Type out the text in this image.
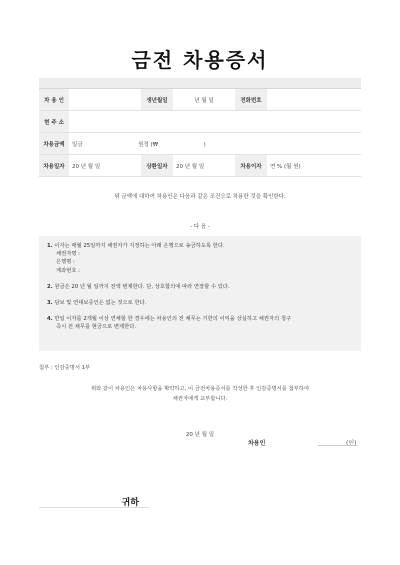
금전 차용증서

차 용 인		생년월일	년 월 일	전화번호	
현 주 소					
차용금액	일금 원정 (₩ )				
차용일자	20 년 월 일	상환일자	20 년 월 일	차용이자	연 % (월 원)
위 금액에 대하여 차용인은 다음과 같은 조건으로 차용한 것을 확인한다.
- 다 음 -
1. 이자는 매월 25일까지 채권자가 지정하는 아래 은행으로 송금하도록 한다.
채권자명 :
은행명 :
계좌번호 :
2. 원금은 20 년 월 일까지 전액 변제한다. 단, 상호합의에 따라 연장할 수 있다.
3. 담보 및 연대보증인은 없는 것으로 한다.
4. 만일 이자를 2개월 이상 연체할 한 경우에는 차용인의 전 채무는 기한의 이익을 상실하고 채권자의 청구
즉시 전 채무를 현금으로 변제한다.
첨부 : 인감증명서 1부
위와 같이 차용인은 차용사항을 확약하고, 이 금전차용증서를 작성한 후 인감증명서를 첨부하여
채권자에게 교부합니다.
20 년 월 일
차용인	(인)
귀하
